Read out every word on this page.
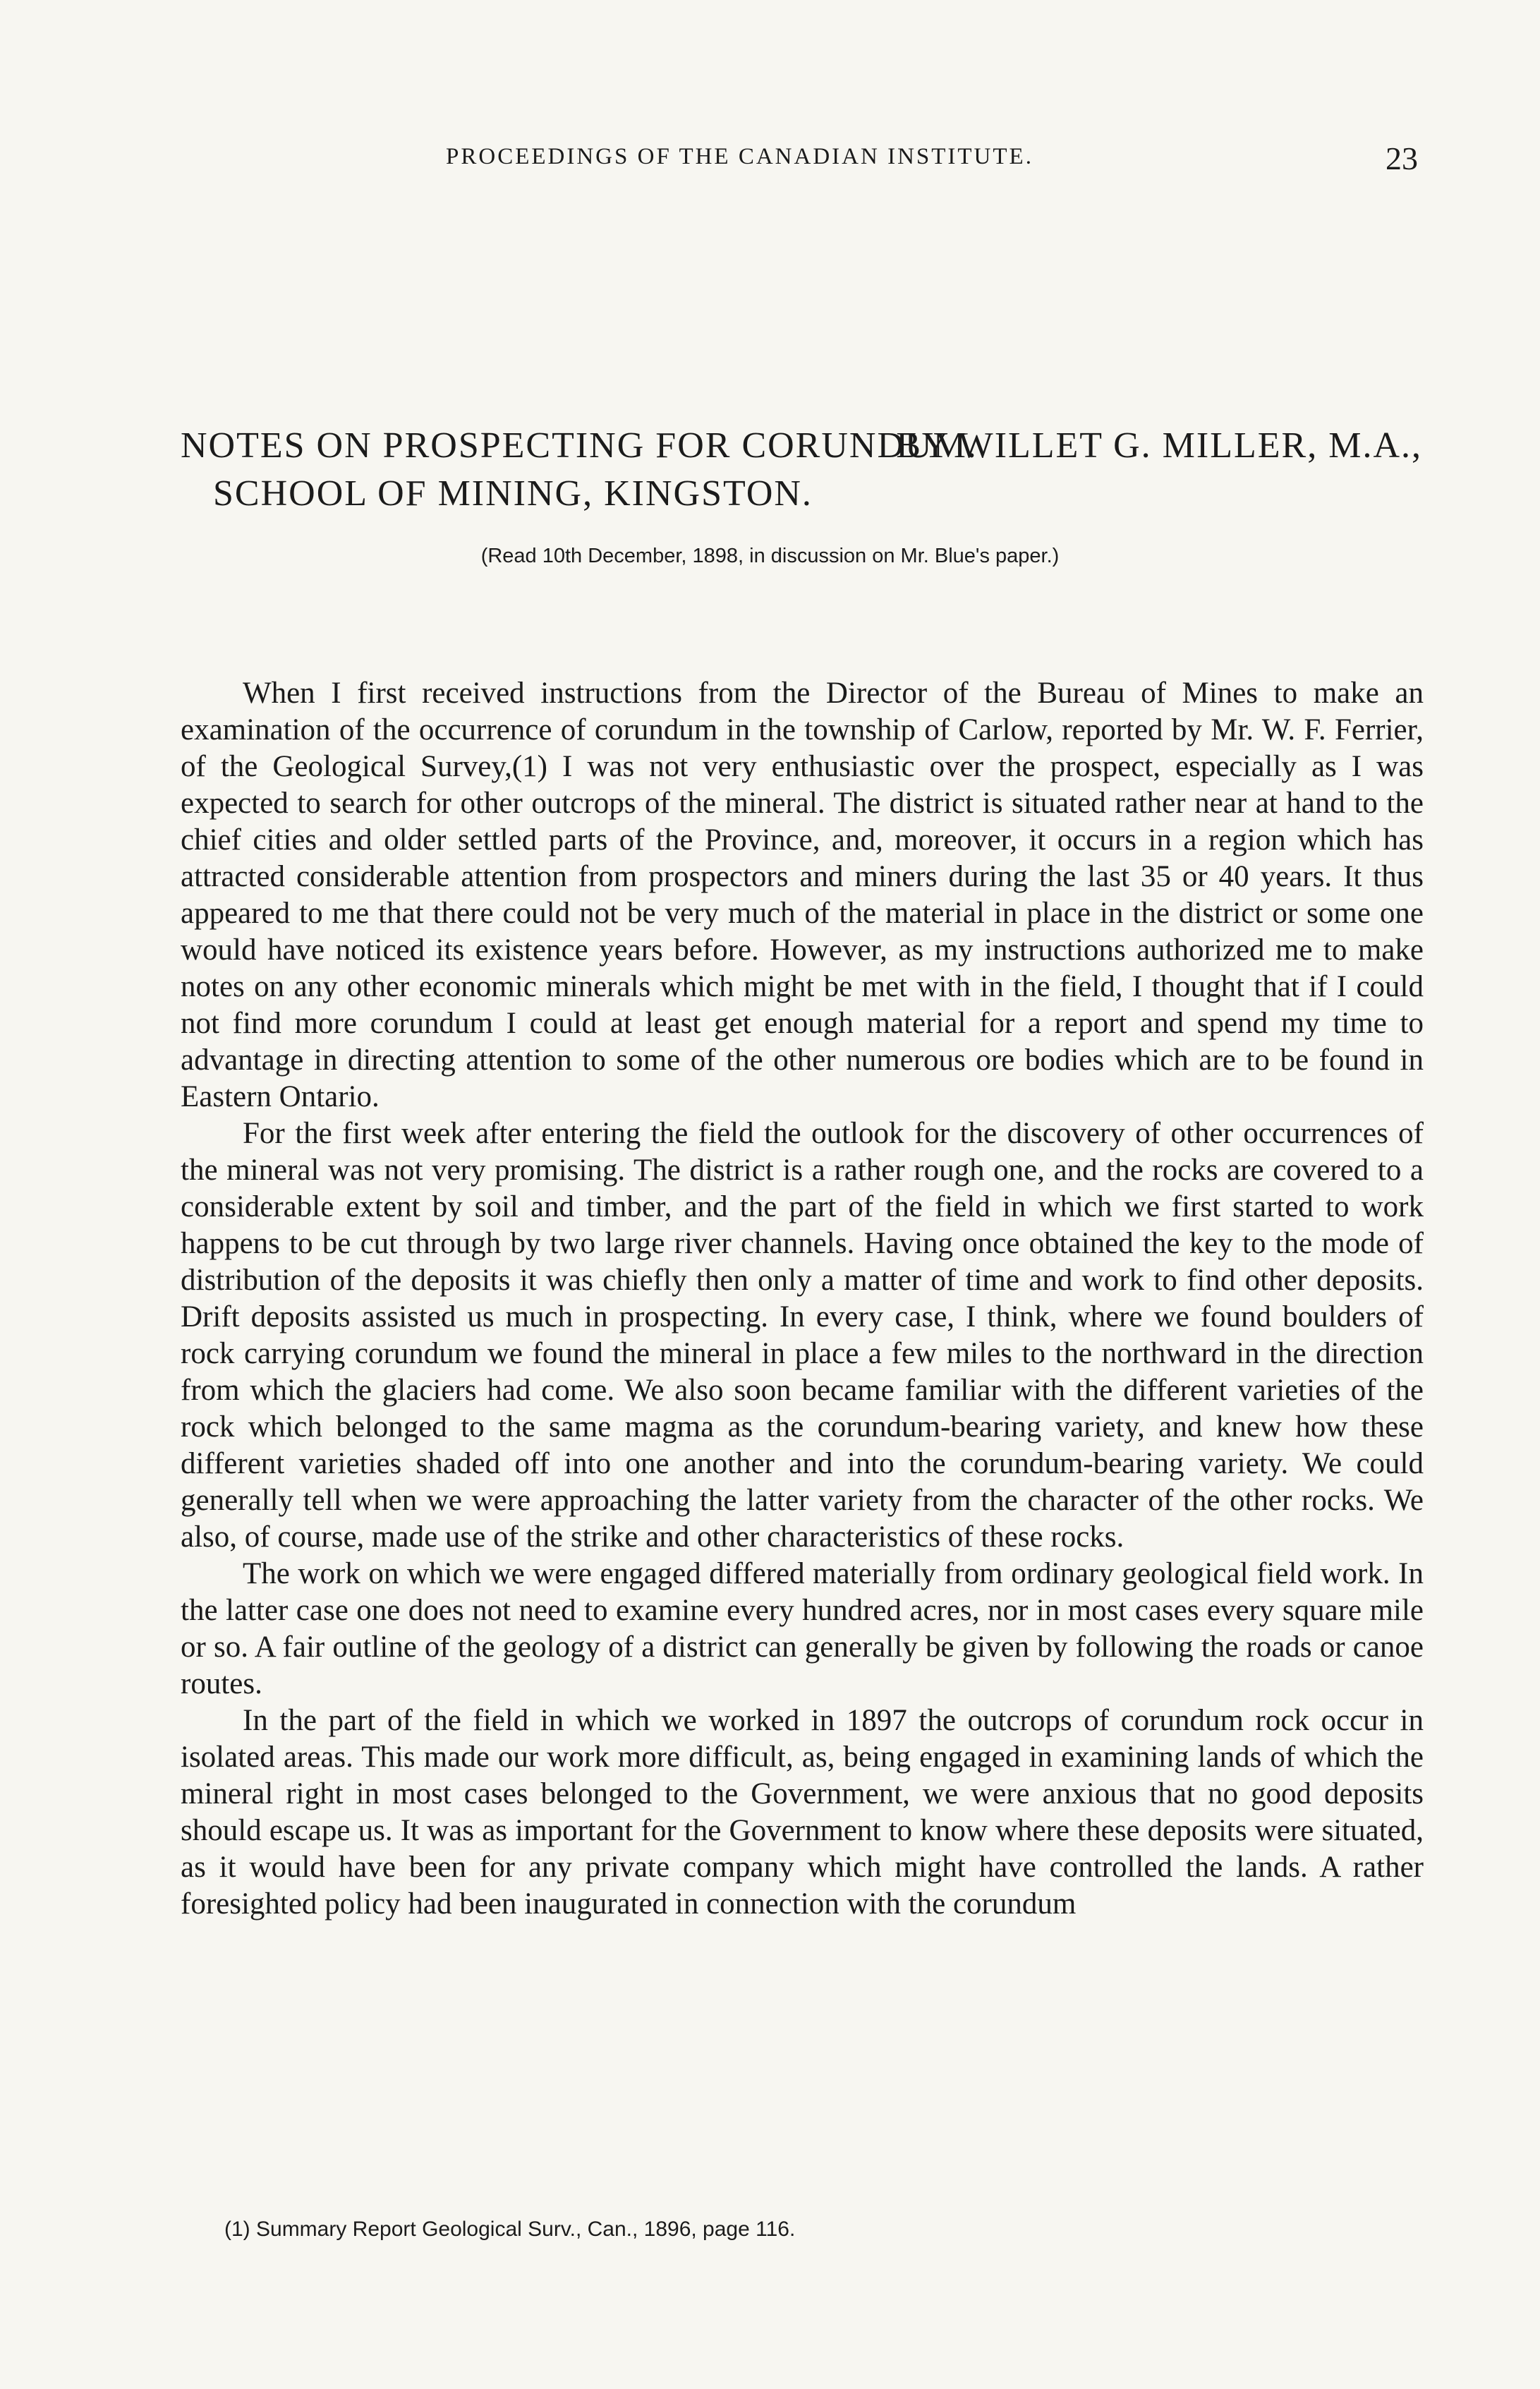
PROCEEDINGS OF THE CANADIAN INSTITUTE.	23
NOTES ON PROSPECTING FOR CORUNDUM.
BY WILLET G. MILLER, M.A.,
SCHOOL OF MINING, KINGSTON.
(Read 10th December, 1898, in discussion on Mr. Blue's paper.)

When I first received instructions from the Director of the Bureau of Mines to make an examination of the occurrence of corundum in the township of Carlow, reported by Mr. W. F. Ferrier, of the Geological Survey,(1) I was not very enthusiastic over the prospect, especially as I was expected to search for other outcrops of the mineral. The district is situated rather near at hand to the chief cities and older settled parts of the Province, and, moreover, it occurs in a region which has attracted considerable attention from prospectors and miners during the last 35 or 40 years. It thus appeared to me that there could not be very much of the material in place in the district or some one would have noticed its existence years before. However, as my instructions authorized me to make notes on any other economic minerals which might be met with in the field, I thought that if I could not find more corundum I could at least get enough material for a report and spend my time to advantage in directing attention to some of the other numerous ore bodies which are to be found in Eastern Ontario.

For the first week after entering the field the outlook for the discovery of other occurrences of the mineral was not very promising. The district is a rather rough one, and the rocks are covered to a considerable extent by soil and timber, and the part of the field in which we first started to work happens to be cut through by two large river channels. Having once obtained the key to the mode of distribution of the deposits it was chiefly then only a matter of time and work to find other deposits. Drift deposits assisted us much in prospecting. In every case, I think, where we found boulders of rock carrying corundum we found the mineral in place a few miles to the northward in the direction from which the glaciers had come. We also soon became familiar with the different varieties of the rock which belonged to the same magma as the corundum-bearing variety, and knew how these different varieties shaded off into one another and into the corundum-bearing variety. We could generally tell when we were approaching the latter variety from the character of the other rocks. We also, of course, made use of the strike and other characteristics of these rocks.

The work on which we were engaged differed materially from ordinary geological field work. In the latter case one does not need to examine every hundred acres, nor in most cases every square mile or so. A fair outline of the geology of a district can generally be given by following the roads or canoe routes.

In the part of the field in which we worked in 1897 the outcrops of corundum rock occur in isolated areas. This made our work more difficult, as, being engaged in examining lands of which the mineral right in most cases belonged to the Government, we were anxious that no good deposits should escape us. It was as important for the Government to know where these deposits were situated, as it would have been for any private company which might have controlled the lands. A rather foresighted policy had been inaugurated in connection with the corundum

(1) Summary Report Geological Surv., Can., 1896, page 116.
